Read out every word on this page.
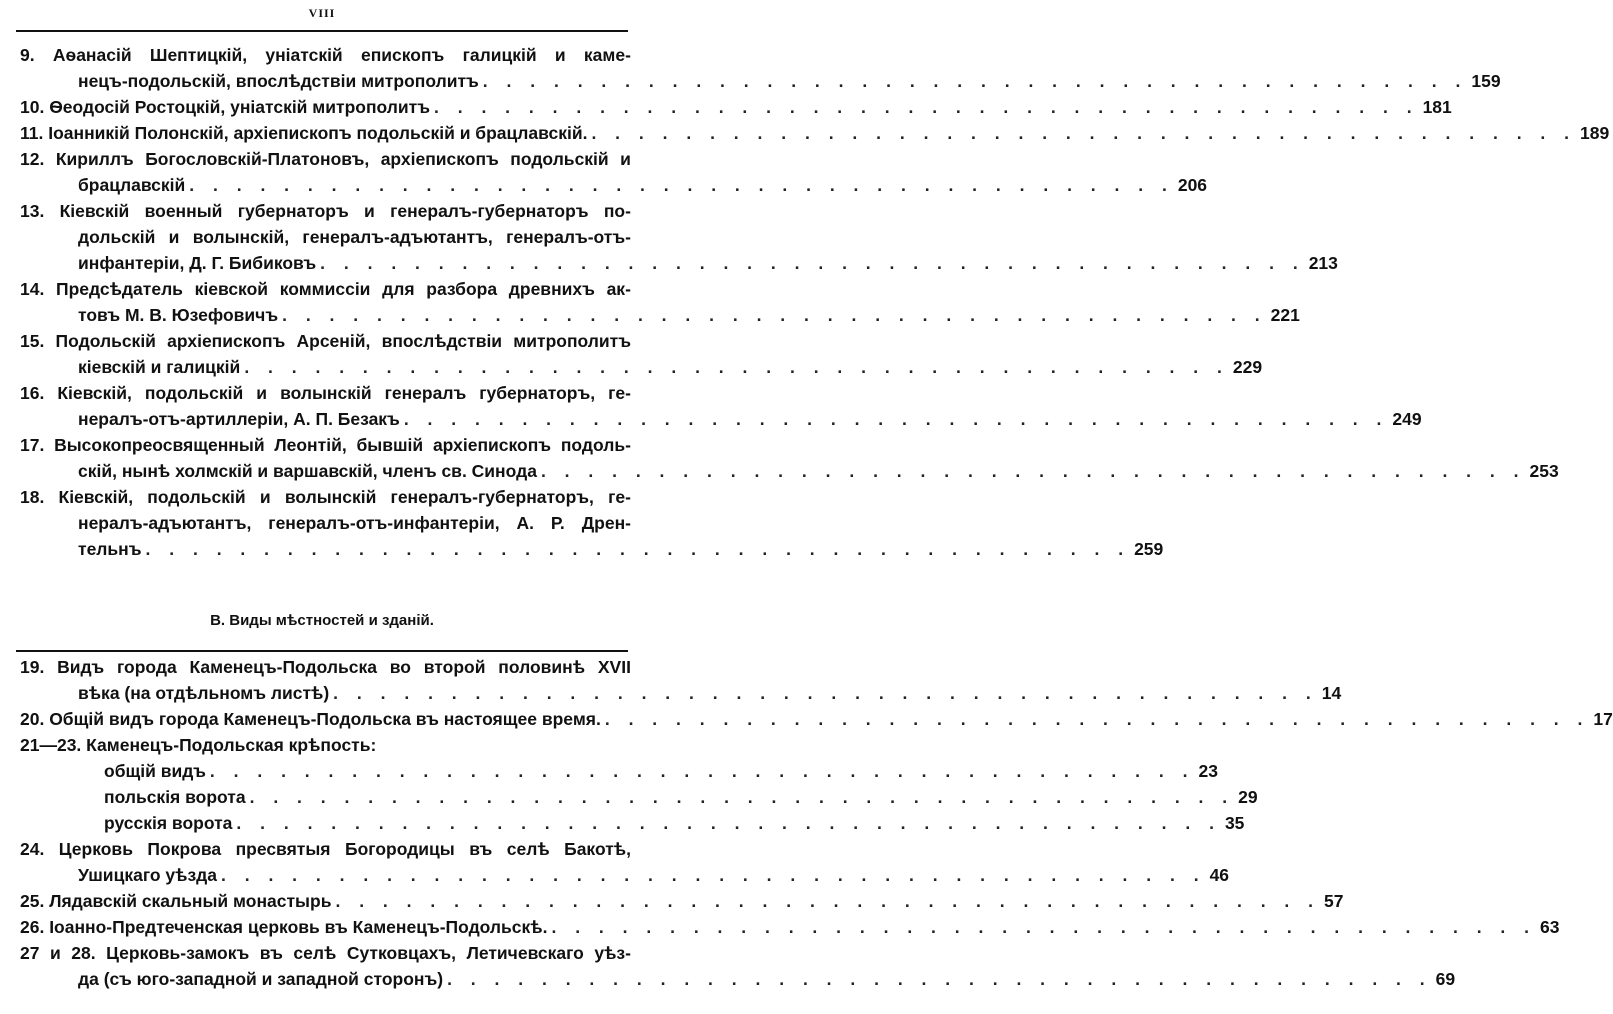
VIII
9. Аѳанасій Шептицкій, уніатскій епископъ галицкій и каме-
нецъ-подольскій, впослѣдствіи митрополитъ . . . . . . . . . . . . . . . . . . . . . . . . . . . . . . . . . . . . . . . . . . 159
10. Ѳеодосій Ростоцкій, уніатскій митрополитъ . . . . . . . . . . . . . . . . . . . . . . . . . . . . . . . . . . . . . . . . . . 181
11. Іоанникій Полонскій, архіепископъ подольскій и брацлавскій. . . . . . . . . . . . . . . . . . . . . . . . . . . . . . . . . . . . . . . . . . . 189
12. Кириллъ Богословскій-Платоновъ, архіепископъ подольскій и
брацлавскій . . . . . . . . . . . . . . . . . . . . . . . . . . . . . . . . . . . . . . . . . . 206
13. Кіевскій военный губернаторъ и генералъ-губернаторъ по-
дольскій и волынскій, генералъ-адъютантъ, генералъ-отъ-
инфантеріи, Д. Г. Бибиковъ . . . . . . . . . . . . . . . . . . . . . . . . . . . . . . . . . . . . . . . . . . 213
14. Предсѣдатель кіевской коммиссіи для разбора древнихъ ак-
товъ М. В. Юзефовичъ . . . . . . . . . . . . . . . . . . . . . . . . . . . . . . . . . . . . . . . . . . 221
15. Подольскій архіепископъ Арсеній, впослѣдствіи митрополитъ
кіевскій и галицкій . . . . . . . . . . . . . . . . . . . . . . . . . . . . . . . . . . . . . . . . . . 229
16. Кіевскій, подольскій и волынскій генералъ губернаторъ, ге-
нералъ-отъ-артиллеріи, А. П. Безакъ . . . . . . . . . . . . . . . . . . . . . . . . . . . . . . . . . . . . . . . . . . 249
17. Высокопреосвященный Леонтій, бывшій архіепископъ подоль-
скій, нынѣ холмскій и варшавскій, членъ св. Синода . . . . . . . . . . . . . . . . . . . . . . . . . . . . . . . . . . . . . . . . . . 253
18. Кіевскій, подольскій и волынскій генералъ-губернаторъ, ге-
нералъ-адъютантъ, генералъ-отъ-инфантеріи, А. Р. Дрен-
тельнъ . . . . . . . . . . . . . . . . . . . . . . . . . . . . . . . . . . . . . . . . . . 259
В. Виды мѣстностей и зданій.
19. Видъ города Каменецъ-Подольска во второй половинѣ XVII
вѣка (на отдѣльномъ листѣ) . . . . . . . . . . . . . . . . . . . . . . . . . . . . . . . . . . . . . . . . . . 14
20. Общій видъ города Каменецъ-Подольска въ настоящее время. . . . . . . . . . . . . . . . . . . . . . . . . . . . . . . . . . . . . . . . . . . 17
21—23. Каменецъ-Подольская крѣпость:
общій видъ . . . . . . . . . . . . . . . . . . . . . . . . . . . . . . . . . . . . . . . . . . 23
польскія ворота . . . . . . . . . . . . . . . . . . . . . . . . . . . . . . . . . . . . . . . . . . 29
русскія ворота . . . . . . . . . . . . . . . . . . . . . . . . . . . . . . . . . . . . . . . . . . 35
24. Церковь Покрова пресвятыя Богородицы въ селѣ Бакотѣ,
Ушицкаго уѣзда . . . . . . . . . . . . . . . . . . . . . . . . . . . . . . . . . . . . . . . . . . 46
25. Лядавскій скальный монастырь . . . . . . . . . . . . . . . . . . . . . . . . . . . . . . . . . . . . . . . . . . 57
26. Іоанно-Предтеченская церковь въ Каменецъ-Подольскѣ. . . . . . . . . . . . . . . . . . . . . . . . . . . . . . . . . . . . . . . . . . . 63
27 и 28. Церковь-замокъ въ селѣ Сутковцахъ, Летичевскаго уѣз-
да (съ юго-западной и западной сторонъ) . . . . . . . . . . . . . . . . . . . . . . . . . . . . . . . . . . . . . . . . . . 69
